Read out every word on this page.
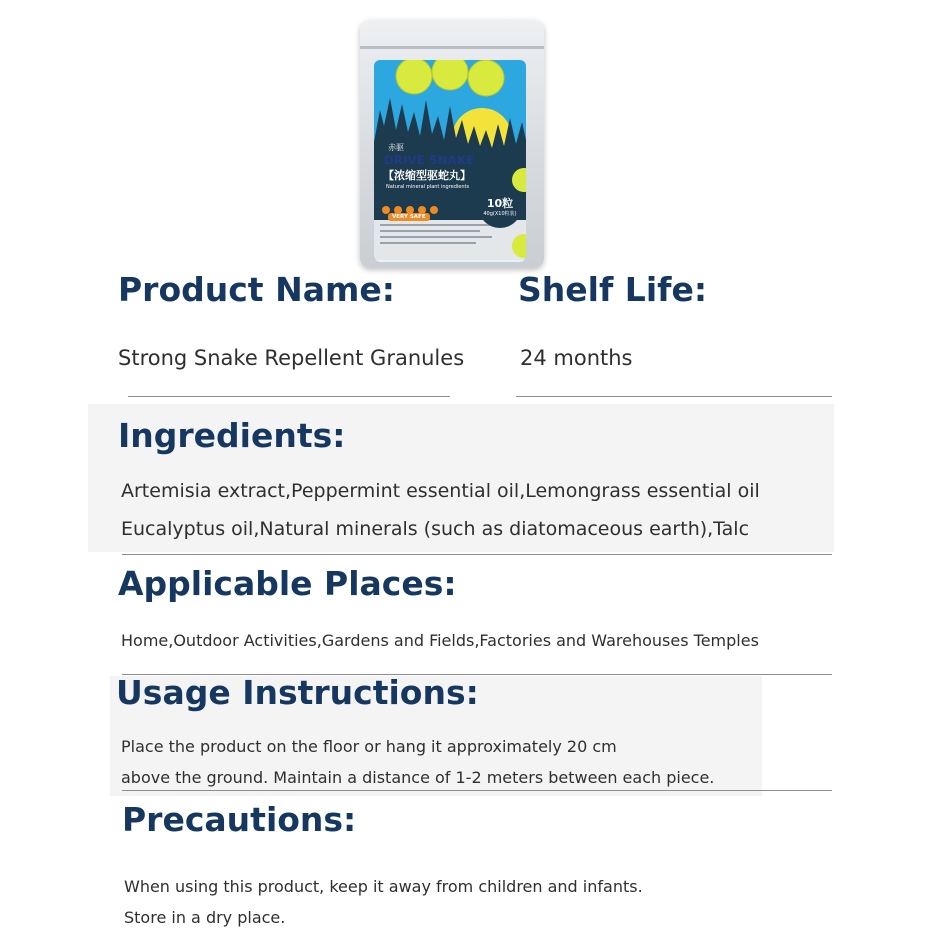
赤驱
DRIVE SNAKE
【浓缩型驱蛇丸】
Natural mineral plant ingredients
VERY SAFE
10粒
40g(X10粒装)
Product Name:

Strong Snake Repellent Granules

Shelf Life:

24 months

Ingredients:

Artemisia extract,Peppermint essential oil,Lemongrass essential oil

Eucalyptus oil,Natural minerals (such as diatomaceous earth),Talc

Applicable Places:

Home,Outdoor Activities,Gardens and Fields,Factories and Warehouses Temples

Usage Instructions:

Place the product on the floor or hang it approximately 20 cm

above the ground. Maintain a distance of 1-2 meters between each piece.

Precautions:

When using this product, keep it away from children and infants.

Store in a dry place.
